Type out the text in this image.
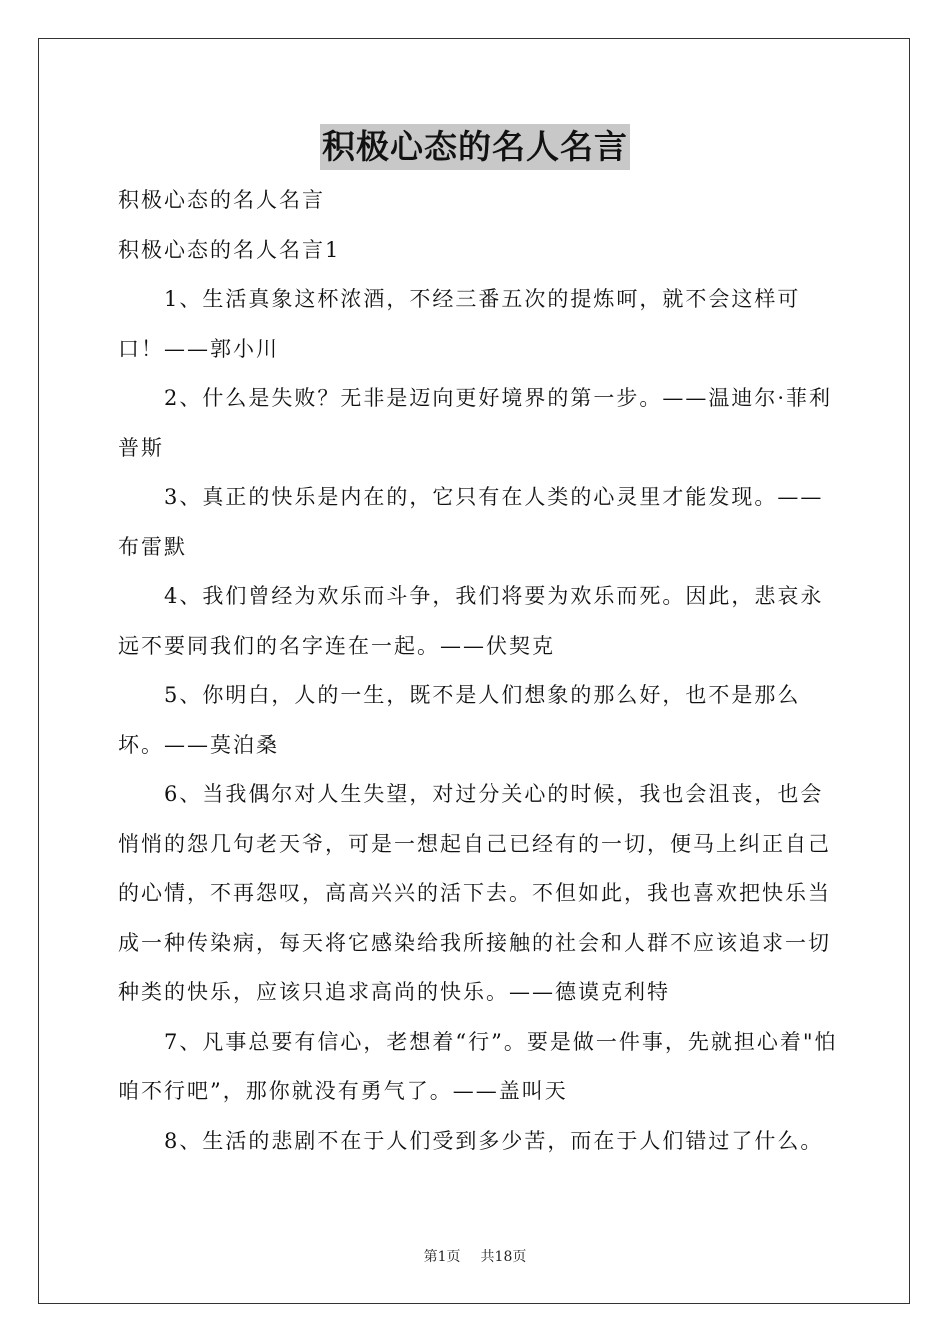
积极心态的名人名言

积极心态的名人名言

积极心态的名人名言1

1、生活真象这杯浓酒，不经三番五次的提炼呵，就不会这样可口！——郭小川

2、什么是失败？无非是迈向更好境界的第一步。——温迪尔·菲利普斯

3、真正的快乐是内在的，它只有在人类的心灵里才能发现。——布雷默

4、我们曾经为欢乐而斗争，我们将要为欢乐而死。因此，悲哀永远不要同我们的名字连在一起。——伏契克

5、你明白，人的一生，既不是人们想象的那么好，也不是那么坏。——莫泊桑

6、当我偶尔对人生失望，对过分关心的时候，我也会沮丧，也会悄悄的怨几句老天爷，可是一想起自己已经有的一切，便马上纠正自己的心情，不再怨叹，高高兴兴的活下去。不但如此，我也喜欢把快乐当成一种传染病，每天将它感染给我所接触的社会和人群不应该追求一切种类的快乐，应该只追求高尚的快乐。——德谟克利特

7、凡事总要有信心，老想着“行”。要是做一件事，先就担心着"怕咱不行吧”，那你就没有勇气了。——盖叫天

8、生活的悲剧不在于人们受到多少苦，而在于人们错过了什么。

第1页 共18页
